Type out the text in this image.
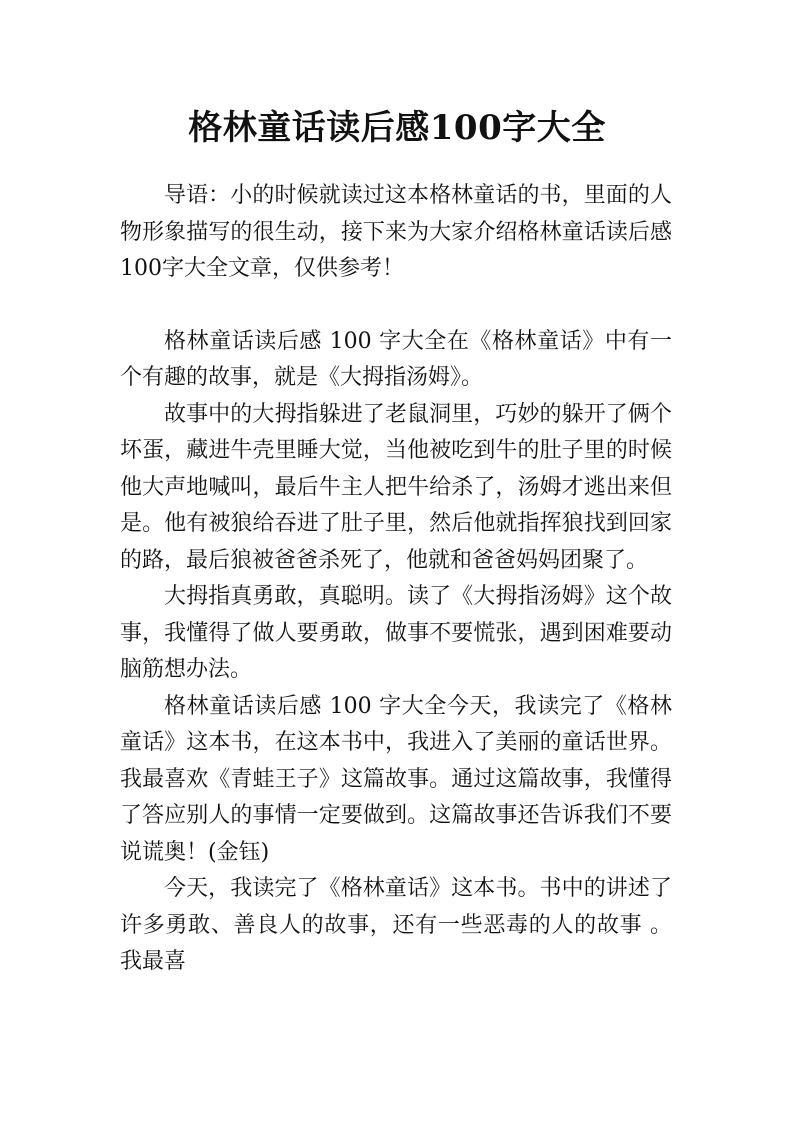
格林童话读后感100字大全

导语：小的时候就读过这本格林童话的书，里面的人物形象描写的很生动，接下来为大家介绍格林童话读后感 100字大全文章，仅供参考！

格林童话读后感 100 字大全在《格林童话》中有一个有趣的故事，就是《大拇指汤姆》。

故事中的大拇指躲进了老鼠洞里，巧妙的躲开了俩个坏蛋，藏进牛壳里睡大觉，当他被吃到牛的肚子里的时候他大声地喊叫，最后牛主人把牛给杀了，汤姆才逃出来但是。他有被狼给吞进了肚子里，然后他就指挥狼找到回家的路，最后狼被爸爸杀死了，他就和爸爸妈妈团聚了。

大拇指真勇敢，真聪明。读了《大拇指汤姆》这个故事，我懂得了做人要勇敢，做事不要慌张，遇到困难要动脑筋想办法。

格林童话读后感 100 字大全今天，我读完了《格林童话》这本书，在这本书中，我进入了美丽的童话世界。我最喜欢《青蛙王子》这篇故事。通过这篇故事，我懂得了答应别人的事情一定要做到。这篇故事还告诉我们不要说谎奥！(金钰)

今天，我读完了《格林童话》这本书。书中的讲述了许多勇敢、善良人的故事，还有一些恶毒的人的故事 。我最喜
